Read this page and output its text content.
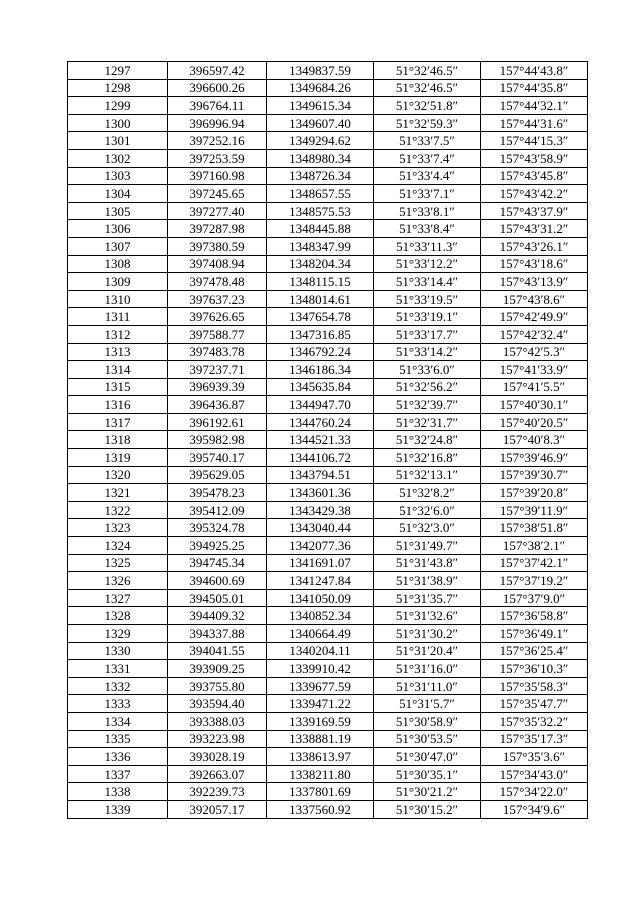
1297	396597.42	1349837.59	51°32′46.5″	157°44′43.8″
1298	396600.26	1349684.26	51°32′46.5″	157°44′35.8″
1299	396764.11	1349615.34	51°32′51.8″	157°44′32.1″
1300	396996.94	1349607.40	51°32′59.3″	157°44′31.6″
1301	397252.16	1349294.62	51°33′7.5″	157°44′15.3″
1302	397253.59	1348980.34	51°33′7.4″	157°43′58.9″
1303	397160.98	1348726.34	51°33′4.4″	157°43′45.8″
1304	397245.65	1348657.55	51°33′7.1″	157°43′42.2″
1305	397277.40	1348575.53	51°33′8.1″	157°43′37.9″
1306	397287.98	1348445.88	51°33′8.4″	157°43′31.2″
1307	397380.59	1348347.99	51°33′11.3″	157°43′26.1″
1308	397408.94	1348204.34	51°33′12.2″	157°43′18.6″
1309	397478.48	1348115.15	51°33′14.4″	157°43′13.9″
1310	397637.23	1348014.61	51°33′19.5″	157°43′8.6″
1311	397626.65	1347654.78	51°33′19.1″	157°42′49.9″
1312	397588.77	1347316.85	51°33′17.7″	157°42′32.4″
1313	397483.78	1346792.24	51°33′14.2″	157°42′5.3″
1314	397237.71	1346186.34	51°33′6.0″	157°41′33.9″
1315	396939.39	1345635.84	51°32′56.2″	157°41′5.5″
1316	396436.87	1344947.70	51°32′39.7″	157°40′30.1″
1317	396192.61	1344760.24	51°32′31.7″	157°40′20.5″
1318	395982.98	1344521.33	51°32′24.8″	157°40′8.3″
1319	395740.17	1344106.72	51°32′16.8″	157°39′46.9″
1320	395629.05	1343794.51	51°32′13.1″	157°39′30.7″
1321	395478.23	1343601.36	51°32′8.2″	157°39′20.8″
1322	395412.09	1343429.38	51°32′6.0″	157°39′11.9″
1323	395324.78	1343040.44	51°32′3.0″	157°38′51.8″
1324	394925.25	1342077.36	51°31′49.7″	157°38′2.1″
1325	394745.34	1341691.07	51°31′43.8″	157°37′42.1″
1326	394600.69	1341247.84	51°31′38.9″	157°37′19.2″
1327	394505.01	1341050.09	51°31′35.7″	157°37′9.0″
1328	394409.32	1340852.34	51°31′32.6″	157°36′58.8″
1329	394337.88	1340664.49	51°31′30.2″	157°36′49.1″
1330	394041.55	1340204.11	51°31′20.4″	157°36′25.4″
1331	393909.25	1339910.42	51°31′16.0″	157°36′10.3″
1332	393755.80	1339677.59	51°31′11.0″	157°35′58.3″
1333	393594.40	1339471.22	51°31′5.7″	157°35′47.7″
1334	393388.03	1339169.59	51°30′58.9″	157°35′32.2″
1335	393223.98	1338881.19	51°30′53.5″	157°35′17.3″
1336	393028.19	1338613.97	51°30′47.0″	157°35′3.6″
1337	392663.07	1338211.80	51°30′35.1″	157°34′43.0″
1338	392239.73	1337801.69	51°30′21.2″	157°34′22.0″
1339	392057.17	1337560.92	51°30′15.2″	157°34′9.6″
